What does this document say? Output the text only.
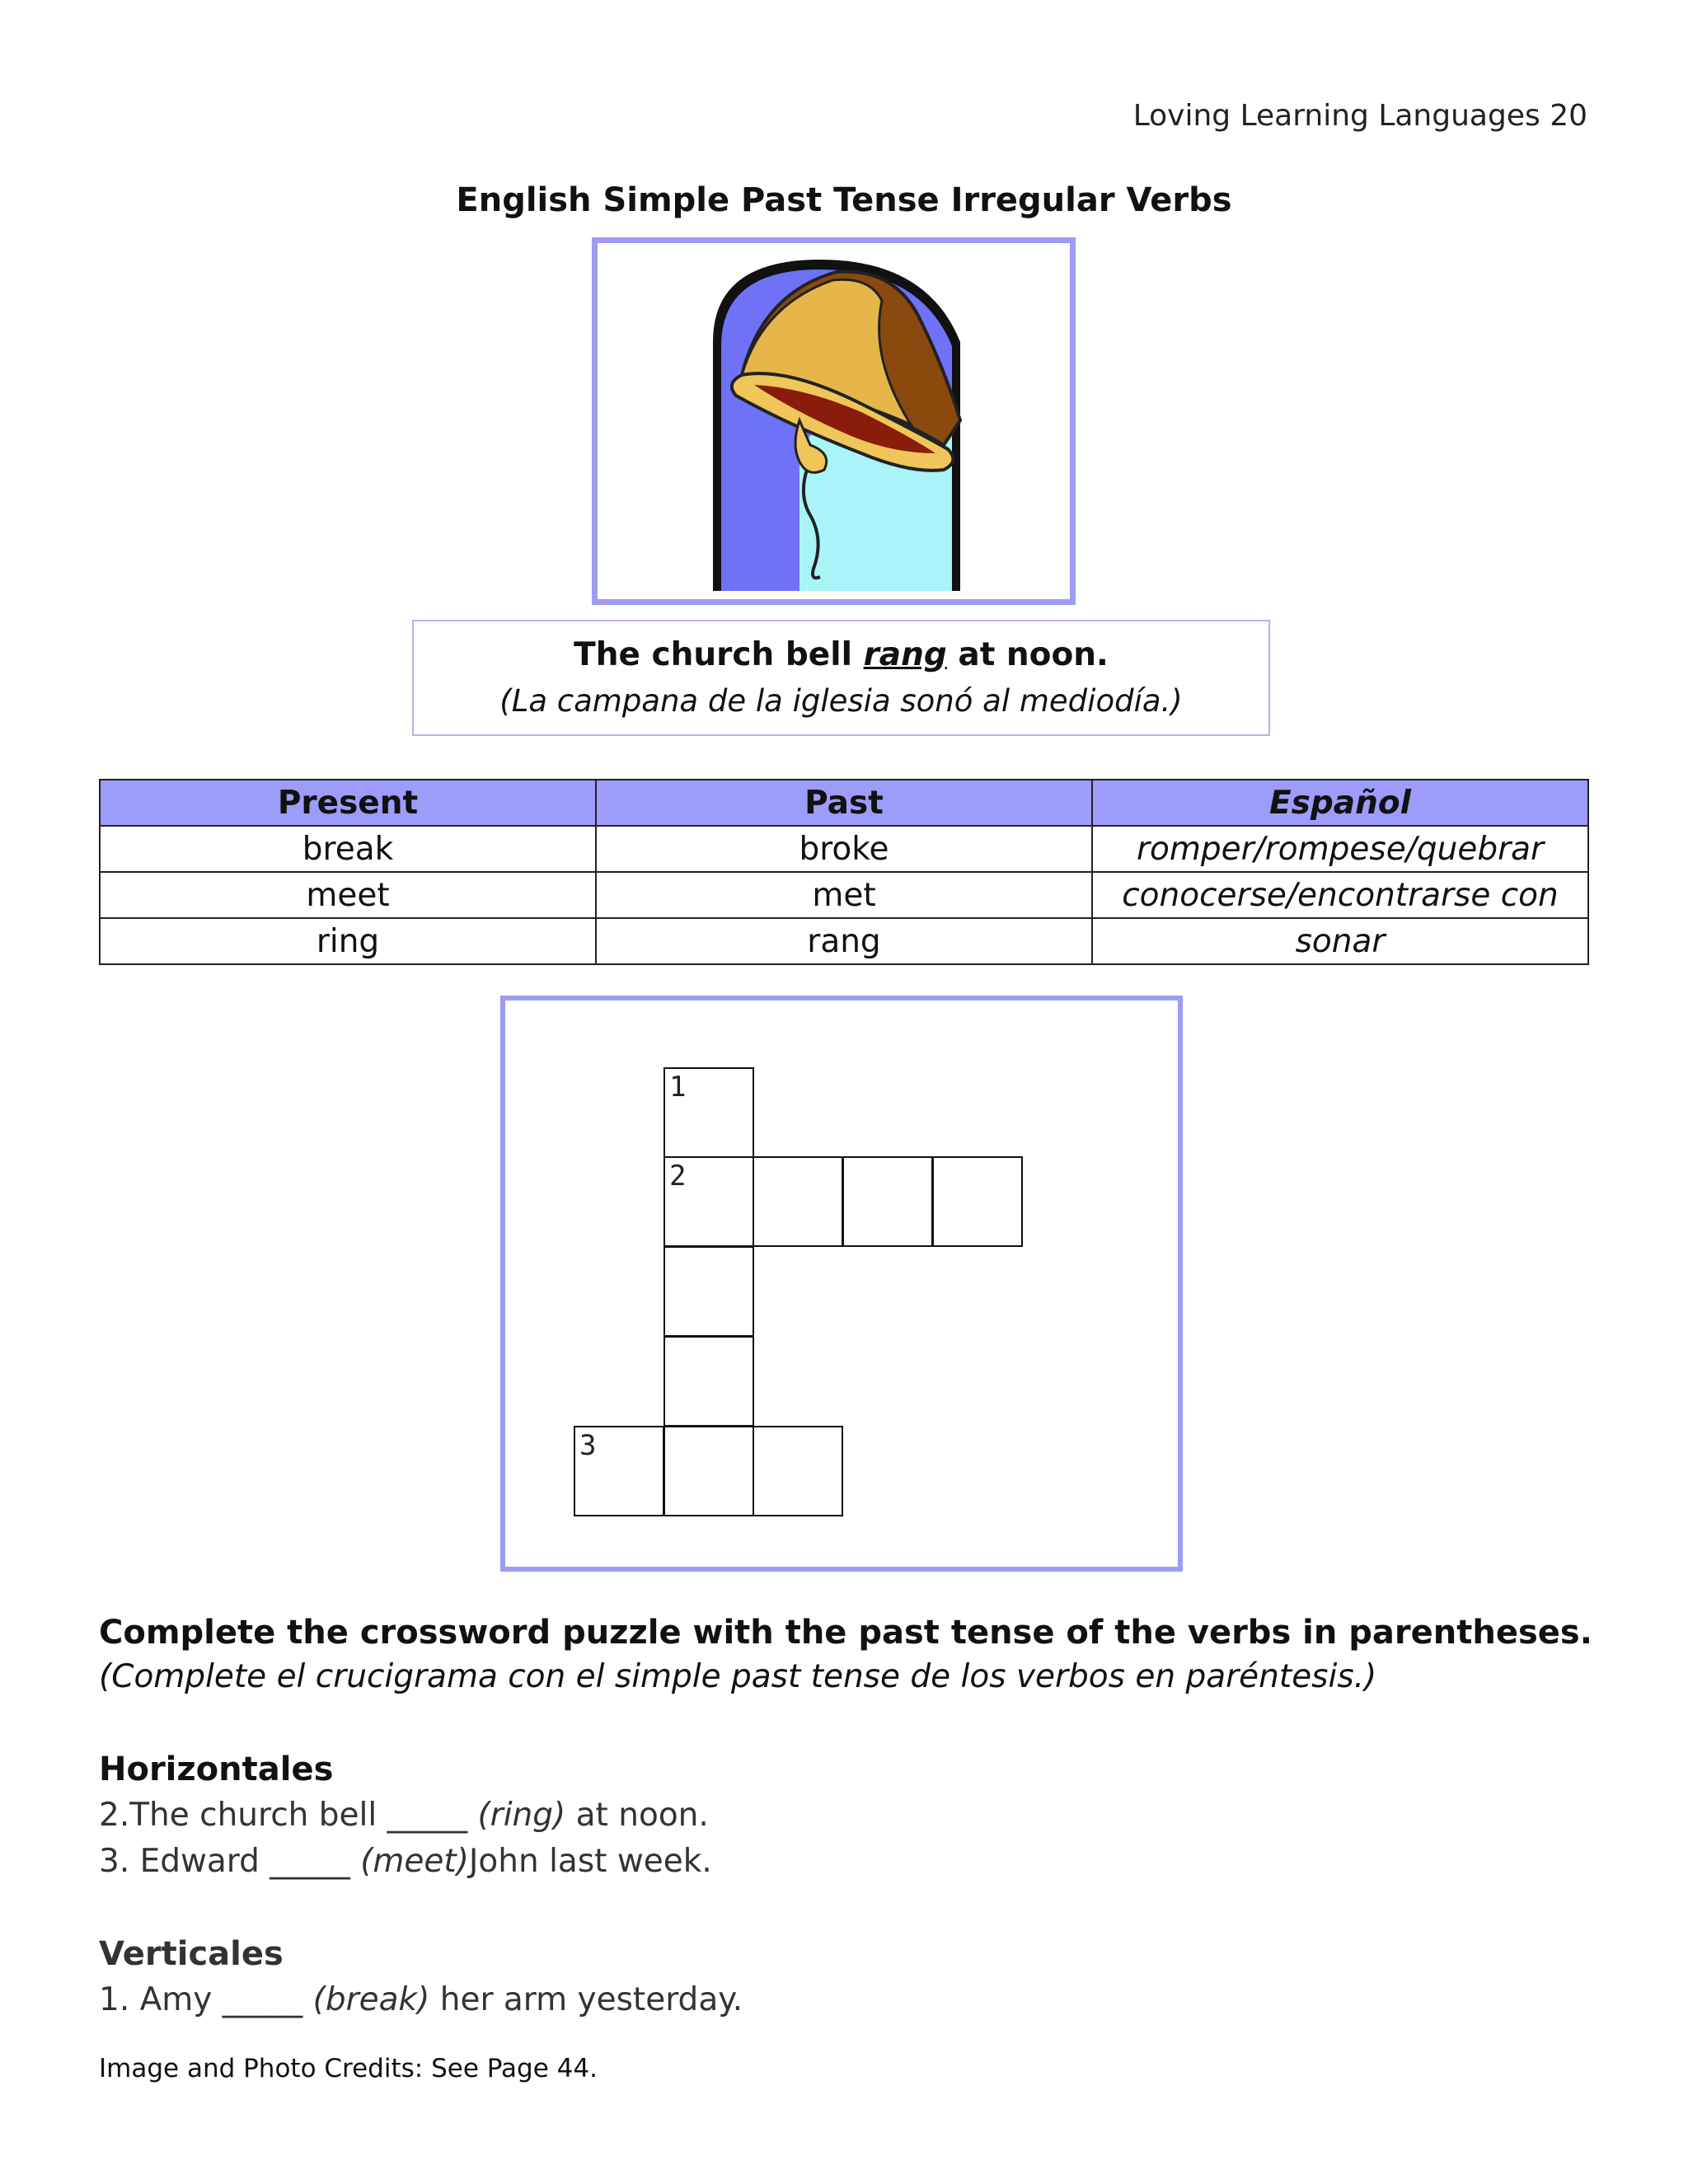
Loving Learning Languages 20
English Simple Past Tense Irregular Verbs
The church bell rang at noon.
(La campana de la iglesia sonó al mediodía.)
Present	Past	Español
break	broke	romper/rompese/quebrar
meet	met	conocerse/encontrarse con
ring	rang	sonar
1
2
3
Complete the crossword puzzle with the past tense of the verbs in parentheses.
(Complete el crucigrama con el simple past tense de los verbos en paréntesis.)
Horizontales
2.The church bell _____ (ring) at noon.
3. Edward _____ (meet)John last week.
Verticales
1. Amy _____ (break) her arm yesterday.
Image and Photo Credits: See Page 44.
